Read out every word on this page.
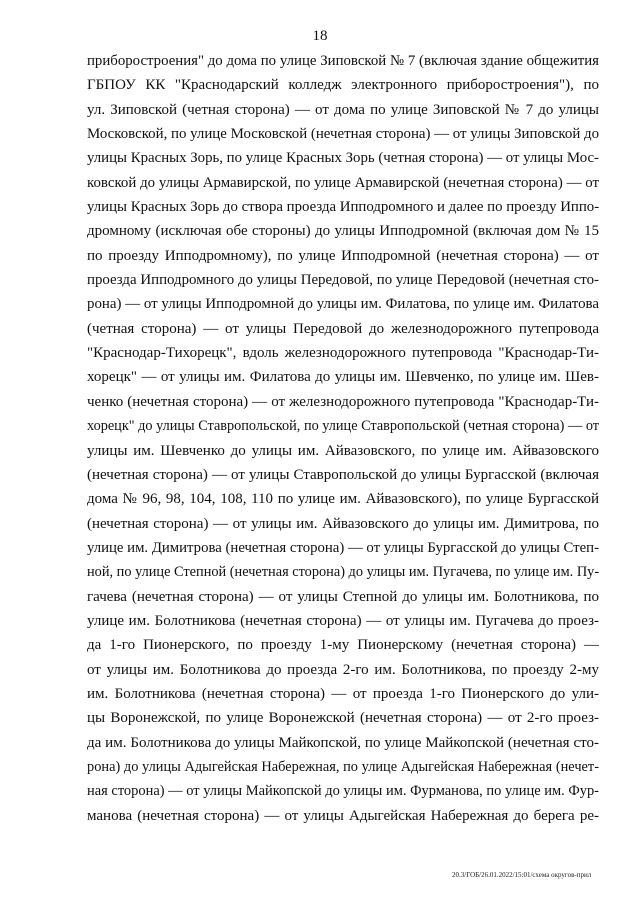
18
приборостроения" до дома по улице Зиповской № 7 (включая здание общежития
ГБПОУ КК "Краснодарский колледж электронного приборостроения"), по
ул. Зиповской (четная сторона) — от дома по улице Зиповской № 7 до улицы
Московской, по улице Московской (нечетная сторона) — от улицы Зиповской до
улицы Красных Зорь, по улице Красных Зорь (четная сторона) — от улицы Мос-
ковской до улицы Армавирской, по улице Армавирской (нечетная сторона) — от
улицы Красных Зорь до створа проезда Ипподромного и далее по проезду Иппо-
дромному (исключая обе стороны) до улицы Ипподромной (включая дом № 15
по проезду Ипподромному), по улице Ипподромной (нечетная сторона) — от
проезда Ипподромного до улицы Передовой, по улице Передовой (нечетная сто-
рона) — от улицы Ипподромной до улицы им. Филатова, по улице им. Филатова
(четная сторона) — от улицы Передовой до железнодорожного путепровода
"Краснодар-Тихорецк", вдоль железнодорожного путепровода "Краснодар-Ти-
хорецк" — от улицы им. Филатова до улицы им. Шевченко, по улице им. Шев-
ченко (нечетная сторона) — от железнодорожного путепровода "Краснодар-Ти-
хорецк" до улицы Ставропольской, по улице Ставропольской (четная сторона) — от
улицы им. Шевченко до улицы им. Айвазовского, по улице им. Айвазовского
(нечетная сторона) — от улицы Ставропольской до улицы Бургасской (включая
дома № 96, 98, 104, 108, 110 по улице им. Айвазовского), по улице Бургасской
(нечетная сторона) — от улицы им. Айвазовского до улицы им. Димитрова, по
улице им. Димитрова (нечетная сторона) — от улицы Бургасской до улицы Степ-
ной, по улице Степной (нечетная сторона) до улицы им. Пугачева, по улице им. Пу-
гачева (нечетная сторона) — от улицы Степной до улицы им. Болотникова, по
улице им. Болотникова (нечетная сторона) — от улицы им. Пугачева до проез-
да 1-го Пионерского, по проезду 1-му Пионерскому (нечетная сторона) —
от улицы им. Болотникова до проезда 2-го им. Болотникова, по проезду 2-му
им. Болотникова (нечетная сторона) — от проезда 1-го Пионерского до ули-
цы Воронежской, по улице Воронежской (нечетная сторона) — от 2-го проез-
да им. Болотникова до улицы Майкопской, по улице Майкопской (нечетная сто-
рона) до улицы Адыгейская Набережная, по улице Адыгейская Набережная (нечет-
ная сторона) — от улицы Майкопской до улицы им. Фурманова, по улице им. Фур-
манова (нечетная сторона) — от улицы Адыгейская Набережная до берега ре-
20.3/ГОБ/26.01.2022/15:01/схема округов-прил
